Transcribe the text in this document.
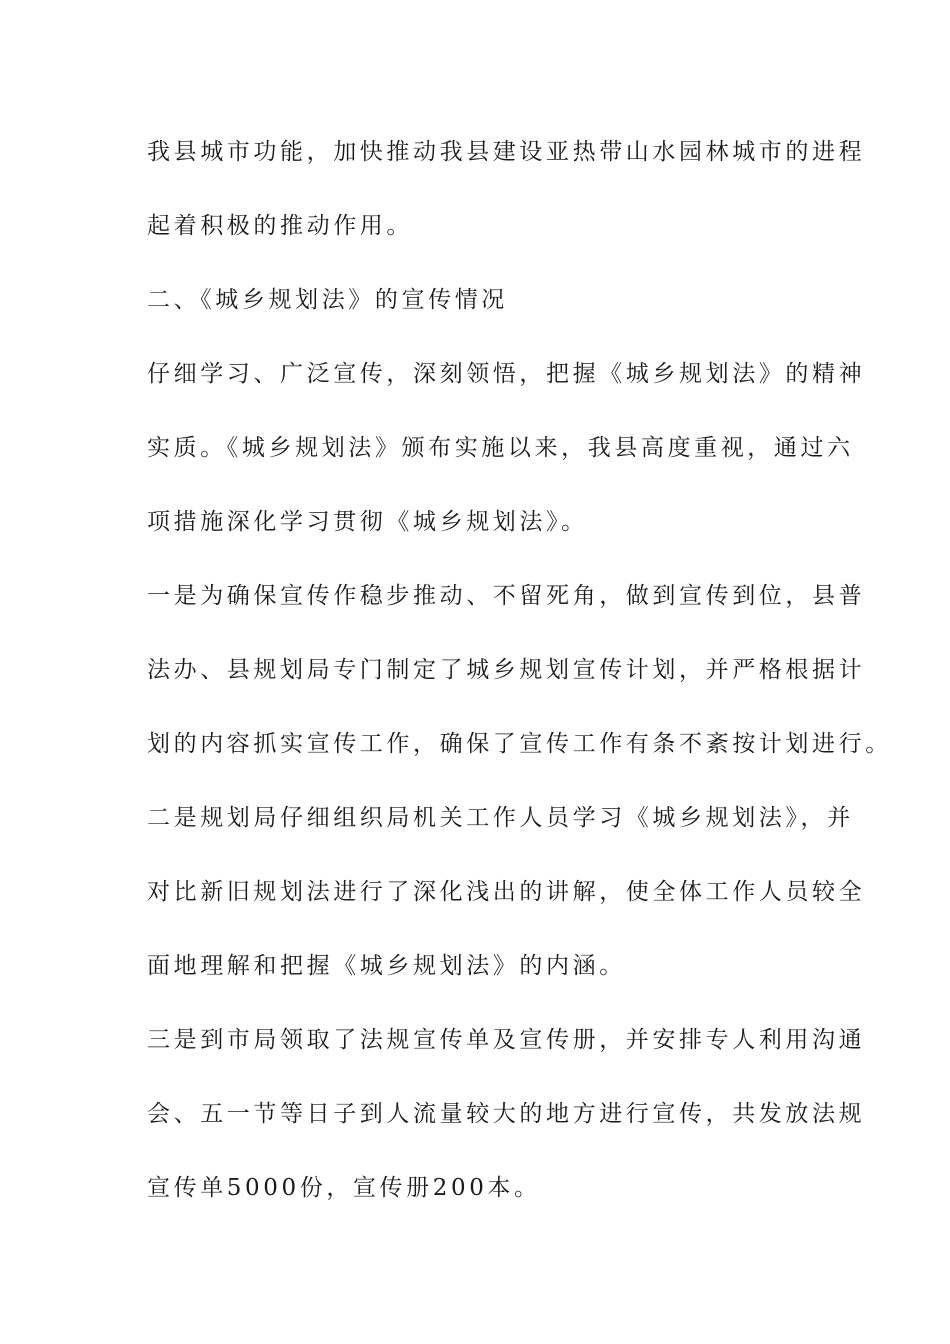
我县城市功能，加快推动我县建设亚热带山水园林城市的进程
起着积极的推动作用。
二、《城乡规划法》的宣传情况
仔细学习、广泛宣传，深刻领悟，把握《城乡规划法》的精神
实质。《城乡规划法》颁布实施以来，我县高度重视，通过六
项措施深化学习贯彻《城乡规划法》。
一是为确保宣传作稳步推动、不留死角，做到宣传到位，县普
法办、县规划局专门制定了城乡规划宣传计划，并严格根据计
划的内容抓实宣传工作，确保了宣传工作有条不紊按计划进行。
二是规划局仔细组织局机关工作人员学习《城乡规划法》，并
对比新旧规划法进行了深化浅出的讲解，使全体工作人员较全
面地理解和把握《城乡规划法》的内涵。
三是到市局领取了法规宣传单及宣传册，并安排专人利用沟通
会、五一节等日子到人流量较大的地方进行宣传，共发放法规
宣传单5000份，宣传册200本。
